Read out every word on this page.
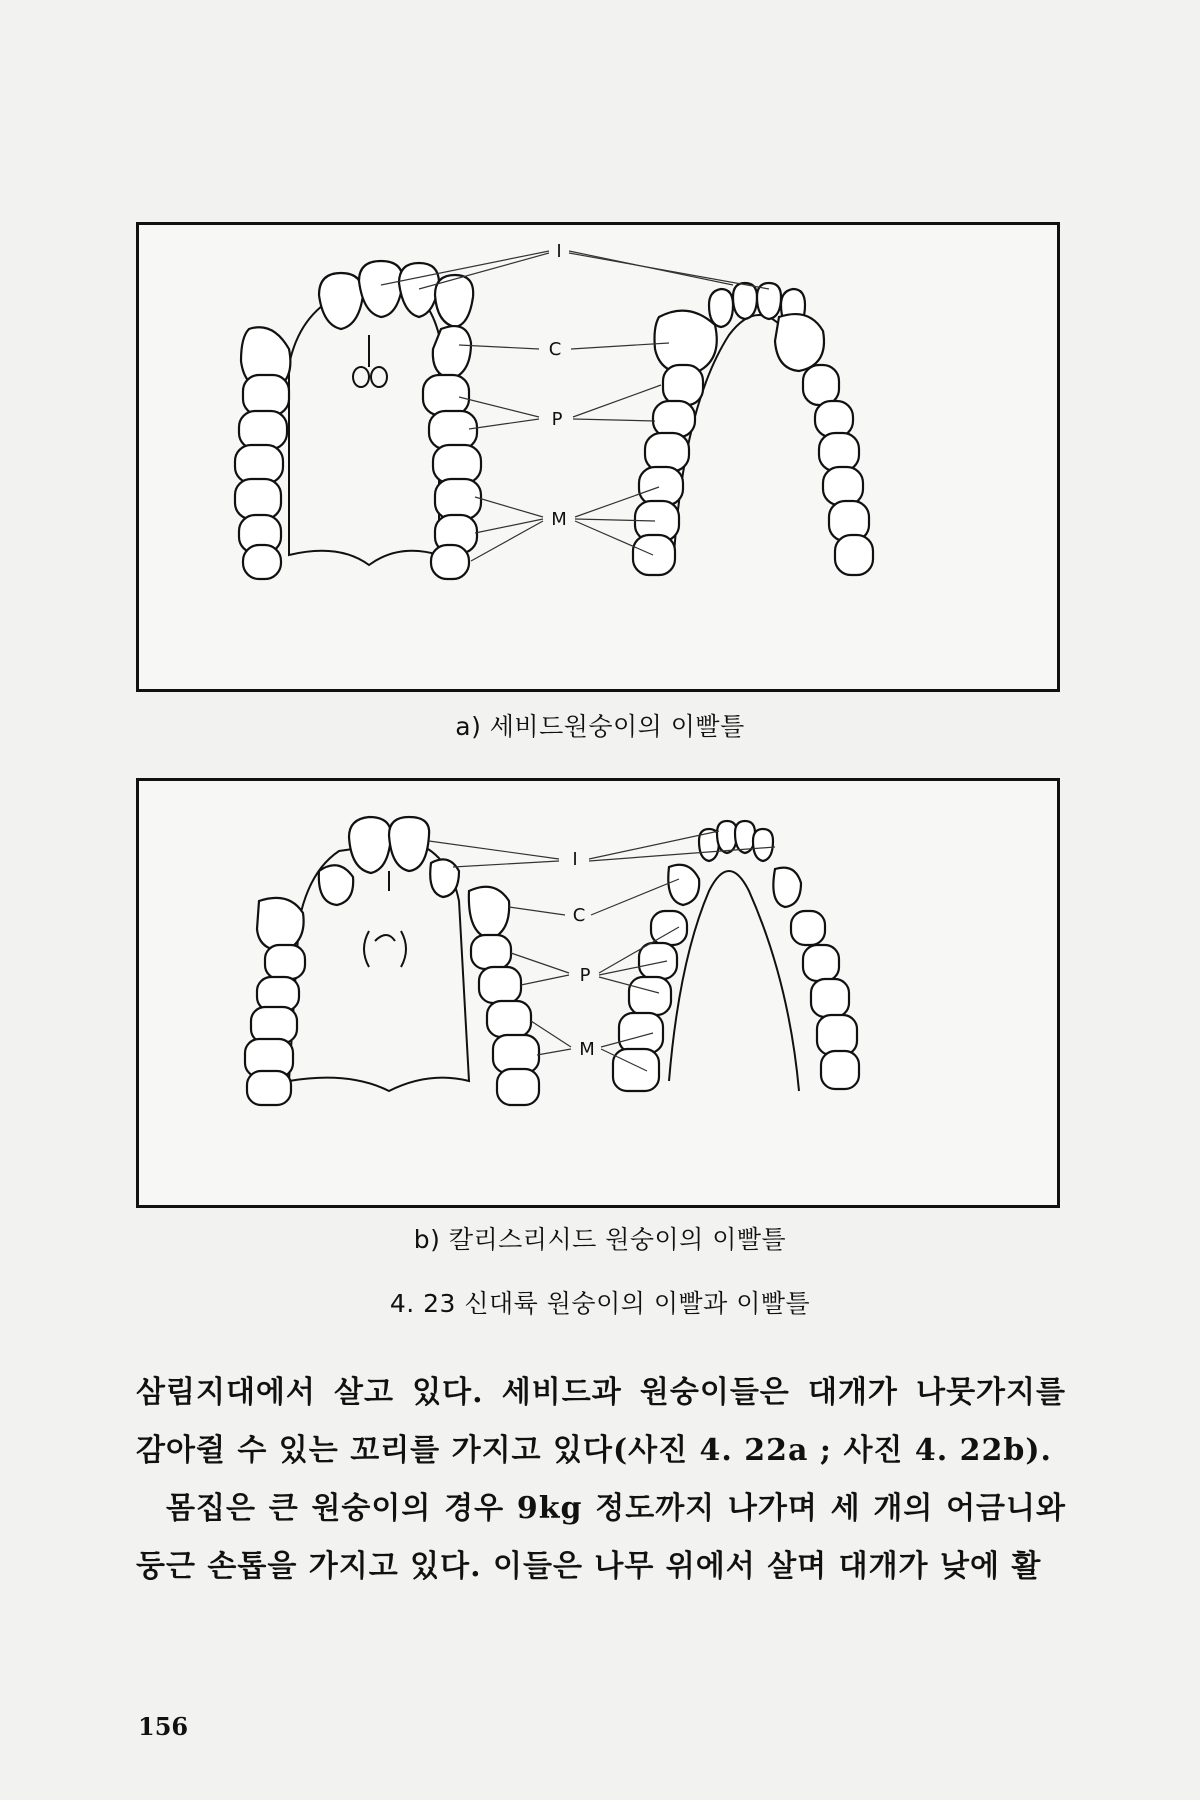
I
C
P
M
a) 세비드원숭이의 이빨틀
I
C
P
M
b) 칼리스리시드 원숭이의 이빨틀
4. 23 신대륙 원숭이의 이빨과 이빨틀

삼림지대에서 살고 있다. 세비드과 원숭이들은 대개가 나뭇가지를 감아쥘 수 있는 꼬리를 가지고 있다(사진 4. 22a ; 사진 4. 22b).

몸집은 큰 원숭이의 경우 9kg 정도까지 나가며 세 개의 어금니와 둥근 손톱을 가지고 있다. 이들은 나무 위에서 살며 대개가 낮에 활

156
